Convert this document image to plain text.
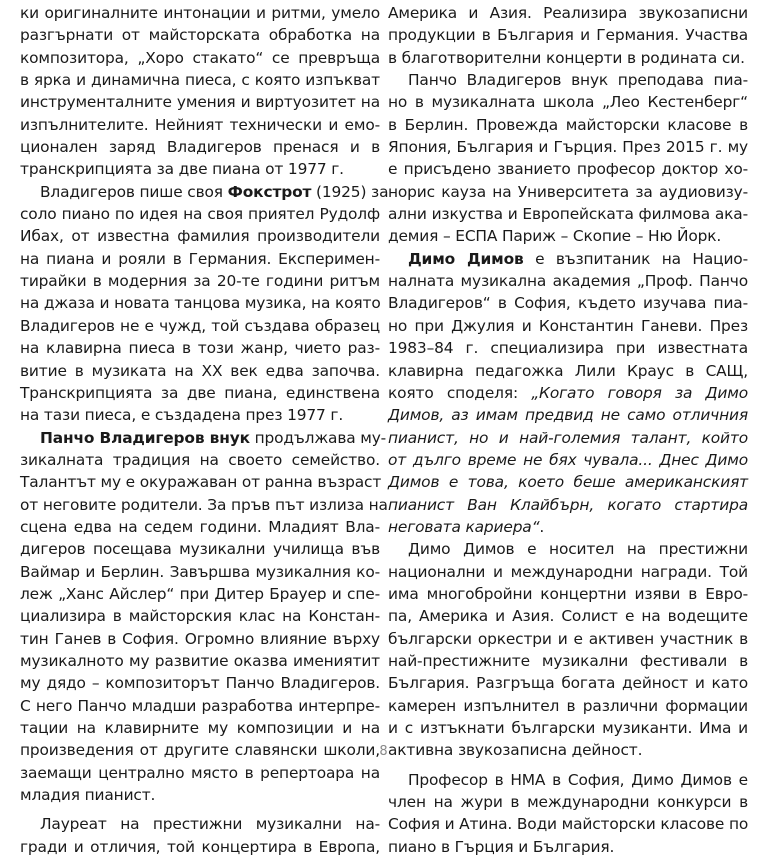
ки оригиналните интонации и ритми, умело
разгърнати от майсторската обработка на
композитора, „Хоро стакато“ се превръща
в ярка и динамична пиеса, с която изпъкват
инструменталните умения и виртуозитет на
изпълнителите. Нейният технически и емо-
ционален заряд Владигеров пренася и в
транскрипцията за две пиана от 1977 г.
Владигеров пише своя Фокстрот (1925) за
соло пиано по идея на своя приятел Рудолф
Ибах, от известна фамилия производители
на пиана и рояли в Германия. Експеримен-
тирайки в модерния за 20-те години ритъм
на джаза и новата танцова музика, на която
Владигеров не е чужд, той създава образец
на клавирна пиеса в този жанр, чието раз-
витие в музиката на XX век едва започва.
Транскрипцията за две пиана, единствена
на тази пиеса, е създадена през 1977 г.
Панчо Владигеров внук продължава му-
зикалната традиция на своето семейство.
Талантът му е окуражаван от ранна възраст
от неговите родители. За пръв път излиза на
сцена едва на седем години. Младият Вла-
дигеров посещава музикални училища във
Ваймар и Берлин. Завършва музикалния ко-
леж „Ханс Айслер“ при Дитер Брауер и спе-
циализира в майсторския клас на Констан-
тин Ганев в София. Огромно влияние върху
музикалното му развитие оказва имениятит
му дядо – композиторът Панчо Владигеров.
С него Панчо младши разработва интерпре-
тации на клавирните му композиции и на
произведения от другите славянски школи,
заемащи централно място в репертоара на
младия пианист.
Лауреат на престижни музикални на-
гради и отличия, той концертира в Европа,
Америка и Азия. Реализира звукозаписни
продукции в България и Германия. Участва
в благотворителни концерти в родината си.
Панчо Владигеров внук преподава пиа-
но в музикалната школа „Лео Кестенберг“
в Берлин. Провежда майсторски класове в
Япония, България и Гърция. През 2015 г. му
е присъдено званието професор доктор хо-
норис кауза на Университета за аудиовизу-
ални изкуства и Европейската филмова ака-
демия – ЕСПА Париж – Скопие – Ню Йорк.
Димо Димов е възпитаник на Нацио-
налната музикална академия „Проф. Панчо
Владигеров“ в София, където изучава пиа-
но при Джулия и Константин Ганеви. През
1983–84 г. специализира при известната
клавирна педагожка Лили Краус в САЩ,
която споделя: „Когато говоря за Димо
Димов, аз имам предвид не само отличния
пианист, но и най-големия талант, който
от дълго време не бях чувала... Днес Димо
Димов е това, което беше американският
пианист Ван Клайбърн, когато стартира
неговата кариера“.
Димо Димов е носител на престижни
национални и международни награди. Той
има многобройни концертни изяви в Евро-
па, Америка и Азия. Солист е на водещите
български оркестри и е активен участник в
най-престижните музикални фестивали в
България. Разгръща богата дейност и като
камерен изпълнител в различни формации
и с изтъкнати български музиканти. Има и
активна звукозаписна дейност.
Професор в НМА в София, Димо Димов е
член на жури в международни конкурси в
София и Атина. Води майсторски класове по
пиано в Гърция и България.
8
